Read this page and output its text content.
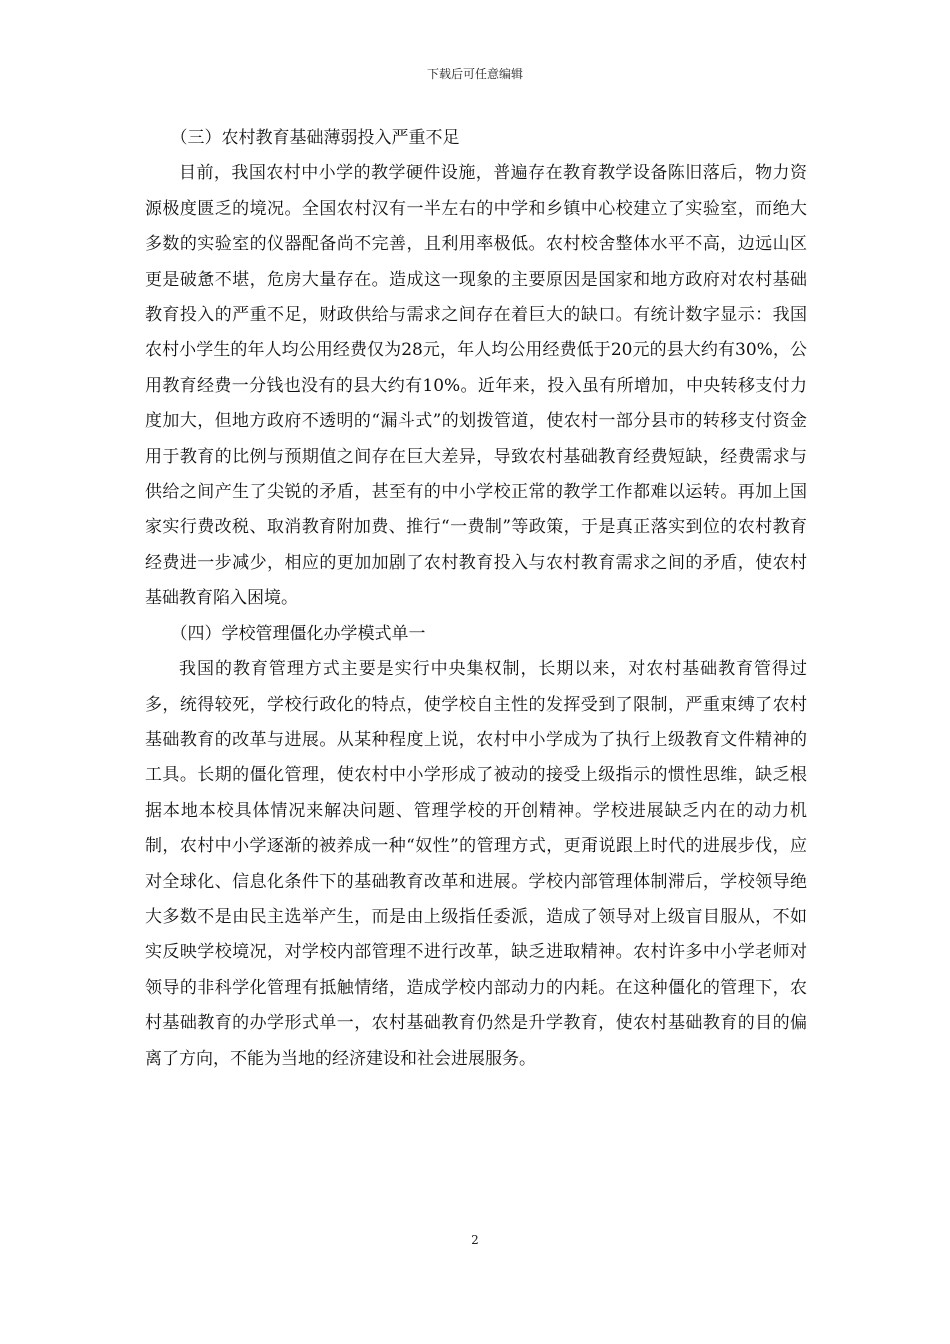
下载后可任意编辑

（三）农村教育基础薄弱投入严重不足

目前，我国农村中小学的教学硬件设施，普遍存在教育教学设备陈旧落后，物力资源极度匮乏的境况。全国农村汉有一半左右的中学和乡镇中心校建立了实验室，而绝大多数的实验室的仪器配备尚不完善，且利用率极低。农村校舍整体水平不高，边远山区更是破惫不堪，危房大量存在。造成这一现象的主要原因是国家和地方政府对农村基础教育投入的严重不足，财政供给与需求之间存在着巨大的缺口。有统计数字显示：我国农村小学生的年人均公用经费仅为28元，年人均公用经费低于20元的县大约有30%，公用教育经费一分钱也没有的县大约有10%。近年来，投入虽有所增加，中央转移支付力度加大，但地方政府不透明的“漏斗式”的划拨管道，使农村一部分县市的转移支付资金用于教育的比例与预期值之间存在巨大差异，导致农村基础教育经费短缺，经费需求与供给之间产生了尖锐的矛盾，甚至有的中小学校正常的教学工作都难以运转。再加上国家实行费改税、取消教育附加费、推行“一费制”等政策，于是真正落实到位的农村教育经费进一步减少，相应的更加加剧了农村教育投入与农村教育需求之间的矛盾，使农村基础教育陷入困境。

（四）学校管理僵化办学模式单一

我国的教育管理方式主要是实行中央集权制，长期以来，对农村基础教育管得过多，统得较死，学校行政化的特点，使学校自主性的发挥受到了限制，严重束缚了农村基础教育的改革与进展。从某种程度上说，农村中小学成为了执行上级教育文件精神的工具。长期的僵化管理，使农村中小学形成了被动的接受上级指示的惯性思维，缺乏根据本地本校具体情况来解决问题、管理学校的开创精神。学校进展缺乏内在的动力机制，农村中小学逐渐的被养成一种“奴性”的管理方式，更甭说跟上时代的进展步伐，应对全球化、信息化条件下的基础教育改革和进展。学校内部管理体制滞后，学校领导绝大多数不是由民主选举产生，而是由上级指任委派，造成了领导对上级盲目服从，不如实反映学校境况，对学校内部管理不进行改革，缺乏进取精神。农村许多中小学老师对领导的非科学化管理有抵触情绪，造成学校内部动力的内耗。在这种僵化的管理下，农村基础教育的办学形式单一，农村基础教育仍然是升学教育，使农村基础教育的目的偏离了方向，不能为当地的经济建设和社会进展服务。

2
